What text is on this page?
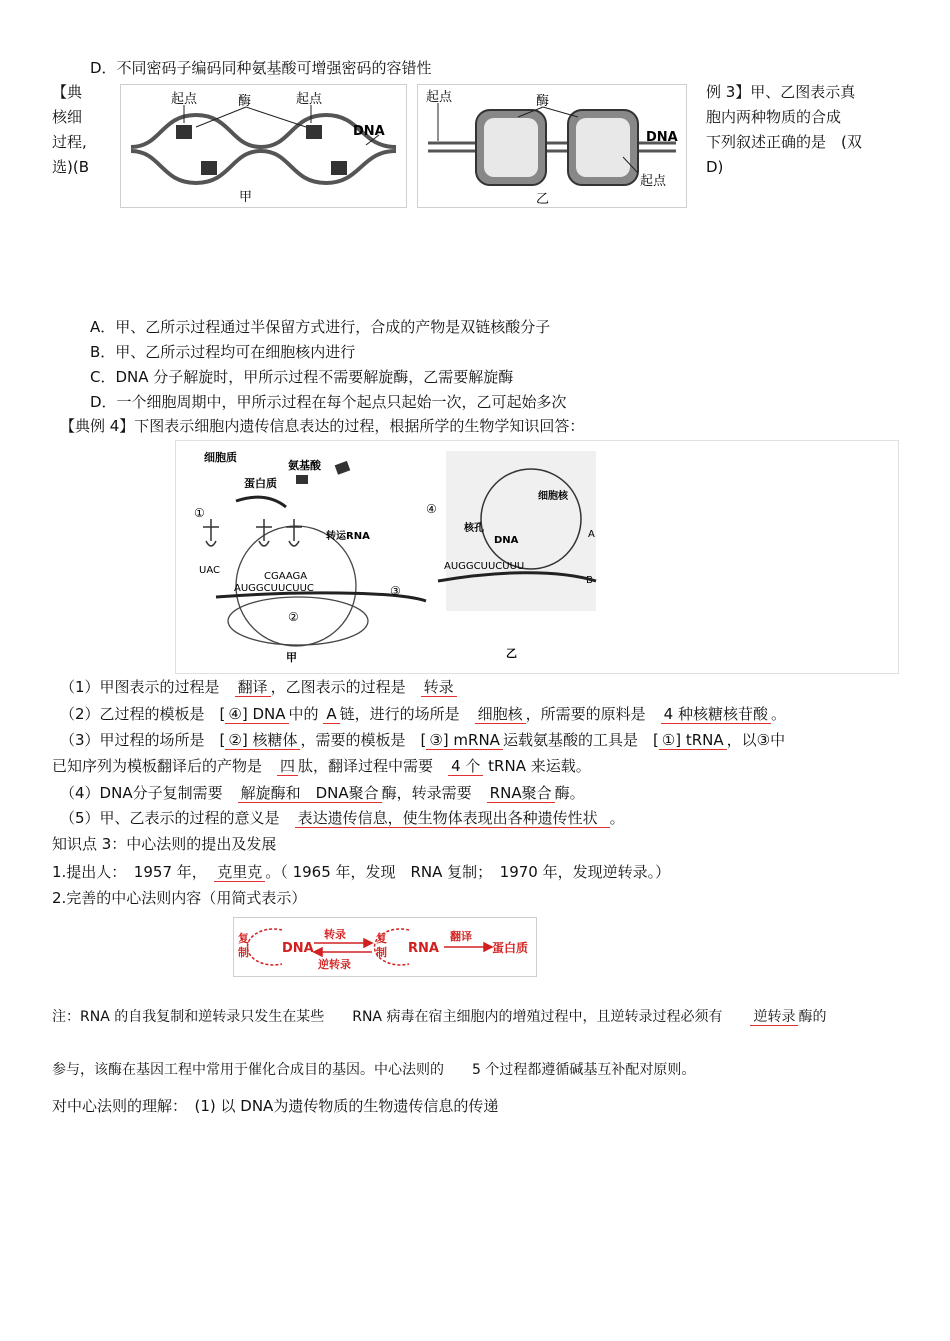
D．不同密码子编码同种氨基酸可增强密码的容错性
【典
核细
过程,
选)(B
例 3】甲、乙图表示真
胞内两种物质的合成
下列叙述正确的是　(双
D)
起点	酶	起点
DNA
甲
起点	酶
DNA
起点
乙
A．甲、乙所示过程通过半保留方式进行，合成的产物是双链核酸分子
B．甲、乙所示过程均可在细胞核内进行
C．DNA 分子解旋时，甲所示过程不需要解旋酶，乙需要解旋酶
D．一个细胞周期中，甲所示过程在每个起点只起始一次，乙可起始多次
【典例 4】下图表示细胞内遗传信息表达的过程，根据所学的生物学知识回答：
细胞质
氨基酸
蛋白质
①
转运RNA
UAC
CGAAGA
AUGGCUUCUUC
②
③
甲
④
细胞核
核孔
DNA
A
B
AUGGCUUCUUU
乙
（1）甲图表示的过程是　 翻译 ，乙图表示的过程是　 转录
（2）乙过程的模板是　[ ④] DNA 中的 A 链，进行的场所是　 细胞核 ，所需要的原料是　 4 种核糖核苷酸 。
（3）甲过程的场所是　[ ②] 核糖体 ，需要的模板是　[ ③] mRNA 运载氨基酸的工具是　[ ①] tRNA ，以③中
已知序列为模板翻译后的产物是　 四 肽，翻译过程中需要　 4 个 tRNA 来运载。
（4）DNA分子复制需要　 解旋酶和　DNA聚合 酶，转录需要　 RNA聚合 酶。
（5）甲、乙表示的过程的意义是　 表达遗传信息，使生物体表现出各种遗传性状 。
知识点 3：中心法则的提出及发展
1.提出人：　1957 年，　 克里克 。（ 1965 年，发现　RNA 复制；　1970 年，发现逆转录。）
2.完善的中心法则内容（用简式表示）
复制	DNA
转录
逆转录
复制 RNA
翻译
蛋白质
注：RNA 的自我复制和逆转录只发生在某些　　RNA 病毒在宿主细胞内的增殖过程中，且逆转录过程必须有　　 逆转录 酶的
参与，该酶在基因工程中常用于催化合成目的基因。中心法则的　　5 个过程都遵循碱基互补配对原则。
对中心法则的理解：　(1) 以 DNA为遗传物质的生物遗传信息的传递
